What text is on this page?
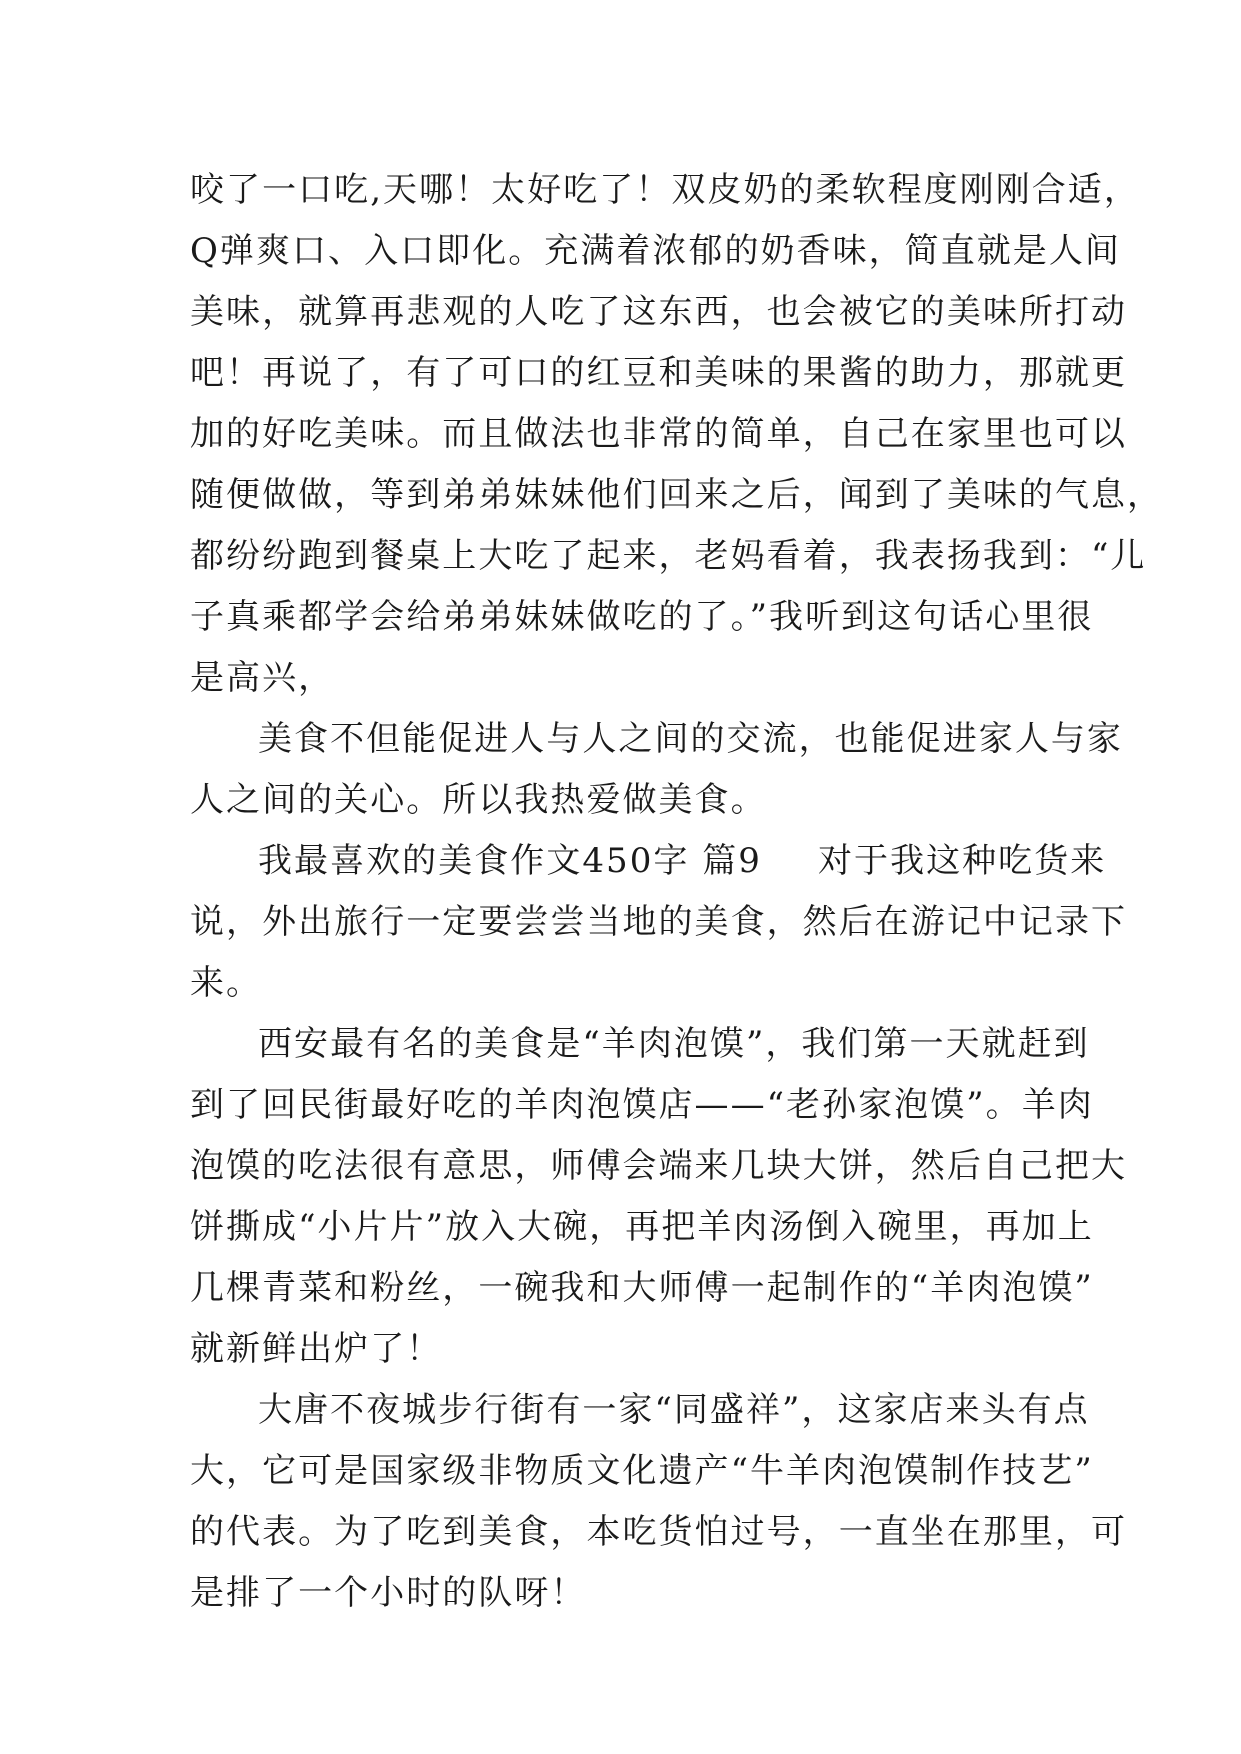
咬了一口吃,天哪！太好吃了！双皮奶的柔软程度刚刚合适，
Q弹爽口、入口即化。充满着浓郁的奶香味，简直就是人间
美味，就算再悲观的人吃了这东西，也会被它的美味所打动
吧！再说了，有了可口的红豆和美味的果酱的助力，那就更
加的好吃美味。而且做法也非常的简单，自己在家里也可以
随便做做，等到弟弟妹妹他们回来之后，闻到了美味的气息，
都纷纷跑到餐桌上大吃了起来，老妈看着，我表扬我到：“儿
子真乘都学会给弟弟妹妹做吃的了。”我听到这句话心里很
是高兴，
美食不但能促进人与人之间的交流，也能促进家人与家
人之间的关心。所以我热爱做美食。
我最喜欢的美食作文450字 篇9 对于我这种吃货来
说，外出旅行一定要尝尝当地的美食，然后在游记中记录下
来。
西安最有名的美食是“羊肉泡馍”，我们第一天就赶到
到了回民街最好吃的羊肉泡馍店——“老孙家泡馍”。羊肉
泡馍的吃法很有意思，师傅会端来几块大饼，然后自己把大
饼撕成“小片片”放入大碗，再把羊肉汤倒入碗里，再加上
几棵青菜和粉丝，一碗我和大师傅一起制作的“羊肉泡馍”
就新鲜出炉了！
大唐不夜城步行街有一家“同盛祥”，这家店来头有点
大，它可是国家级非物质文化遗产“牛羊肉泡馍制作技艺”
的代表。为了吃到美食，本吃货怕过号，一直坐在那里，可
是排了一个小时的队呀！
